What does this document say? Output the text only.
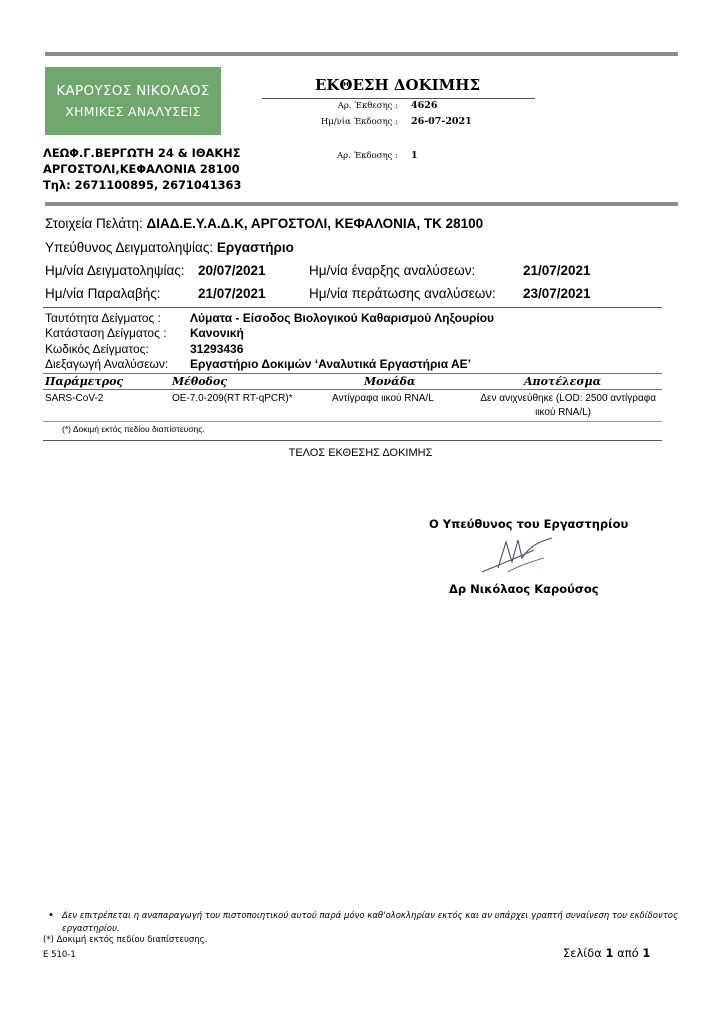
ΚΑΡΟΥΣΟΣ ΝΙΚΟΛΑΟΣ
ΧΗΜΙΚΕΣ ΑΝΑΛΥΣΕΙΣ
ΛΕΩΦ.Γ.ΒΕΡΓΩΤΗ 24 & ΙΘΑΚΗΣ
ΑΡΓΟΣΤΟΛΙ,ΚΕΦΑΛΟΝΙΑ 28100
Τηλ: 2671100895, 2671041363
ΕΚΘΕΣΗ ΔΟΚΙΜΗΣ
Αρ. Έκθεσης : 4626
Ημ/νία Έκδοσης : 26-07-2021
Αρ. Έκδοσης : 1
Στοιχεία Πελάτη: ΔΙΑΔ.Ε.Υ.Α.Δ.Κ, ΑΡΓΟΣΤΟΛΙ, ΚΕΦΑΛΟΝΙΑ, ΤΚ 28100
Υπεύθυνος Δειγματοληψίας: Εργαστήριο
Ημ/νία Δειγματοληψίας: 20/07/2021	Ημ/νία έναρξης αναλύσεων:	21/07/2021
Ημ/νία Παραλαβής:	21/07/2021	Ημ/νία περάτωσης αναλύσεων: 23/07/2021
Ταυτότητα Δείγματος : Λύματα - Είσοδος Βιολογικού Καθαρισμού Ληξουρίου
Κατάσταση Δείγματος : Κανονική
Κωδικός Δείγματος:	31293436
Διεξαγωγή Αναλύσεων: Εργαστήριο Δοκιμών ‘Αναλυτικά Εργαστήρια ΑΕ’
Παράμετρος	Μέθοδος	Μονάδα	Αποτέλεσμα
SARS-CoV-2	ΟΕ-7.0-209(RT RT-qPCR)*	Αντίγραφα ιικού RNA/L	Δεν ανιχνεύθηκε (LOD: 2500 αντίγραφα
ιικού RNA/L)
(*) Δοκιμή εκτός πεδίου διαπίστευσης.
ΤΕΛΟΣ ΕΚΘΕΣΗΣ ΔΟΚΙΜΗΣ
Ο Υπεύθυνος του Εργαστηρίου
Δρ Νικόλαος Καρούσος
• Δεν επιτρέπεται η αναπαραγωγή του πιστοποιητικού αυτού παρά μόνο καθ'ολοκληρίαν εκτός και αν υπάρχει γραπτή συναίνεση του εκδίδοντος εργαστηρίου.
(*) Δοκιμή εκτός πεδίου διαπίστευσης.
E 510-1	Σελίδα 1 από 1
